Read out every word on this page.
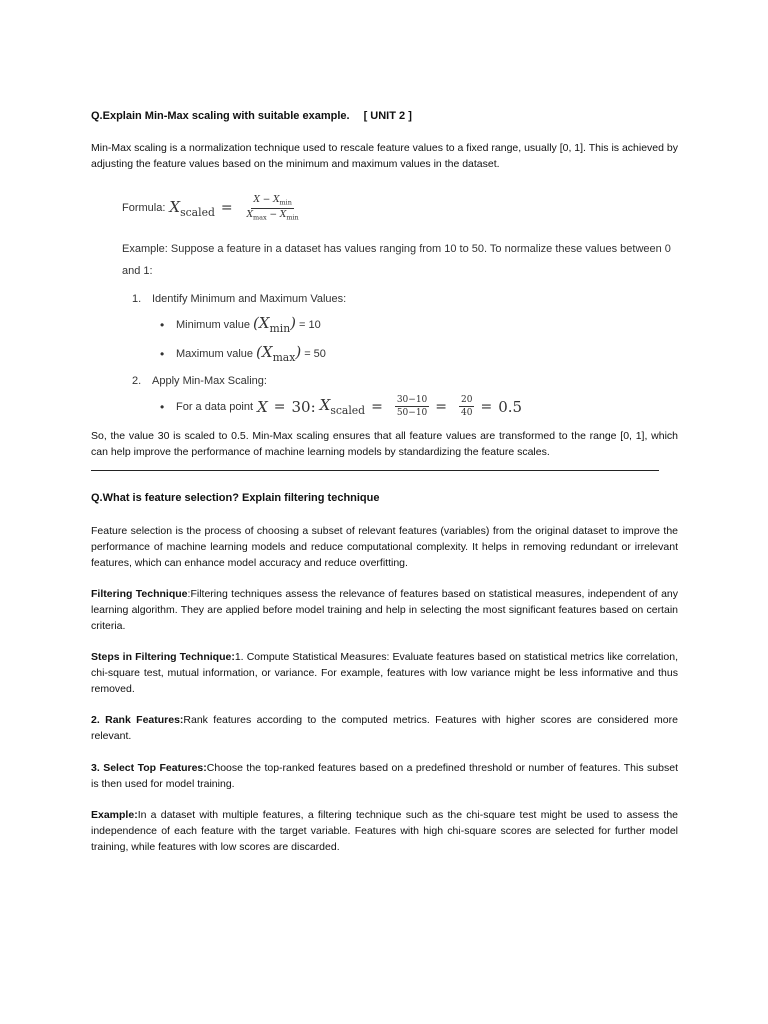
Q.Explain Min-Max scaling with suitable example. [ UNIT 2 ]

Min-Max scaling is a normalization technique used to rescale feature values to a fixed range, usually [0, 1]. This is achieved by adjusting the feature values based on the minimum and maximum values in the dataset.

Formula: $X_{scaled} = \frac{X - X_{min}}{X_{max} - X_{min}}$
Example: Suppose a feature in a dataset has values ranging from 10 to 50. To normalize these values between 0 and 1:
1. Identify Minimum and Maximum Values:
•	Minimum value $(X_{min}) = 10$
•	Maximum value $(X_{max}) = 50$
2. Apply Min-Max Scaling:
•	For a data point X = 30: $X_{scaled} = \frac{30-10}{50-10} = \frac{20}{40} = 0.5$

So, the value 30 is scaled to 0.5. Min-Max scaling ensures that all feature values are transformed to the range [0, 1], which can help improve the performance of machine learning models by standardizing the feature scales.

Q.What is feature selection? Explain filtering technique

Feature selection is the process of choosing a subset of relevant features (variables) from the original dataset to improve the performance of machine learning models and reduce computational complexity. It helps in removing redundant or irrelevant features, which can enhance model accuracy and reduce overfitting.

Filtering Technique:Filtering techniques assess the relevance of features based on statistical measures, independent of any learning algorithm. They are applied before model training and help in selecting the most significant features based on certain criteria.

Steps in Filtering Technique:1. Compute Statistical Measures: Evaluate features based on statistical metrics like correlation, chi-square test, mutual information, or variance. For example, features with low variance might be less informative and thus removed.

2. Rank Features:Rank features according to the computed metrics. Features with higher scores are considered more relevant.

3. Select Top Features:Choose the top-ranked features based on a predefined threshold or number of features. This subset is then used for model training.

Example:In a dataset with multiple features, a filtering technique such as the chi-square test might be used to assess the independence of each feature with the target variable. Features with high chi-square scores are selected for further model training, while features with low scores are discarded.
